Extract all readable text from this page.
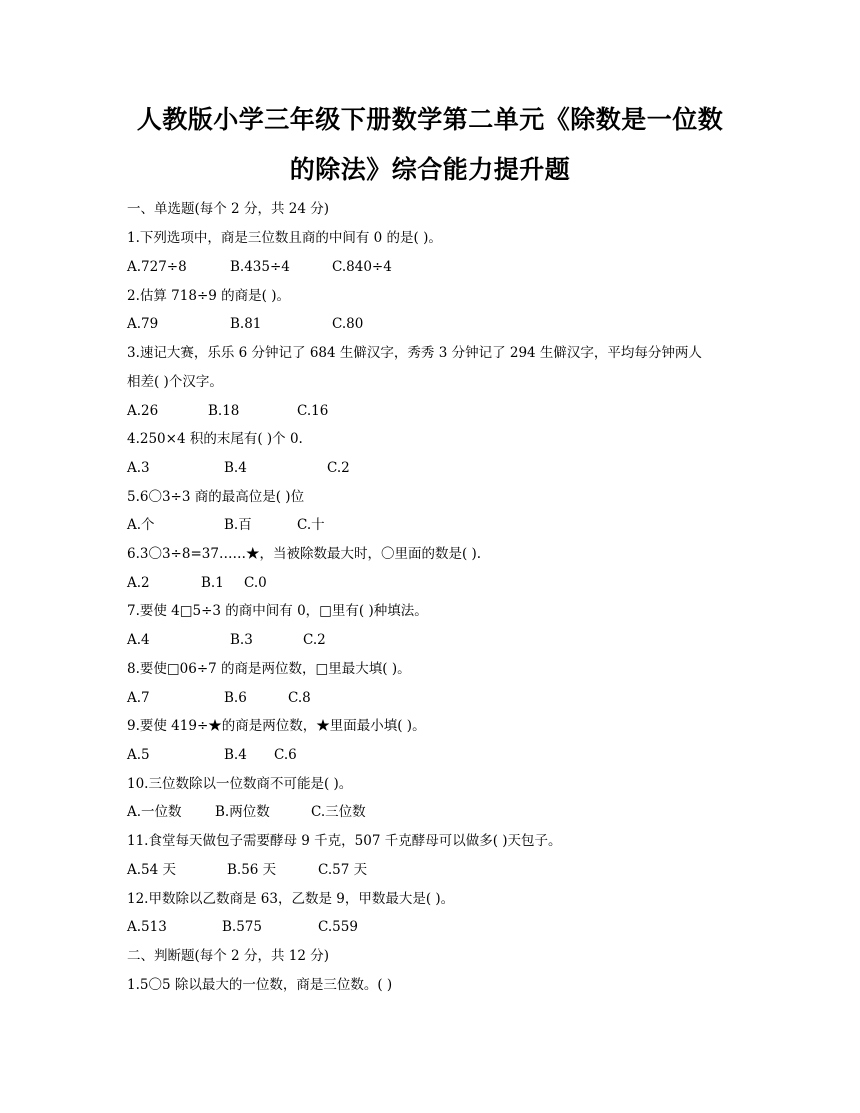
人教版小学三年级下册数学第二单元《除数是一位数
的除法》综合能力提升题
一、单选题(每个 2 分，共 24 分)
1.下列选项中，商是三位数且商的中间有 0 的是( )。
A.727÷8	B.435÷4	C.840÷4
2.估算 718÷9 的商是( )。
A.79	B.81	C.80
3.速记大赛，乐乐 6 分钟记了 684 生僻汉字，秀秀 3 分钟记了 294 生僻汉字，平均每分钟两人
相差( )个汉字。
A.26	B.18	C.16
4.250×4 积的末尾有( )个 0.
A.3	B.4	C.2
5.6〇3÷3 商的最高位是( )位
A.个	B.百	C.十
6.3〇3÷8=37……★，当被除数最大时，〇里面的数是( ).
A.2	B.1 C.0
7.要使 4□5÷3 的商中间有 0，□里有( )种填法。
A.4	B.3	C.2
8.要使□06÷7 的商是两位数，□里最大填( )。
A.7	B.6	C.8
9.要使 419÷★的商是两位数，★里面最小填( )。
A.5	B.4 C.6
10.三位数除以一位数商不可能是( )。
A.一位数 B.两位数	C.三位数
11.食堂每天做包子需要酵母 9 千克，507 千克酵母可以做多( )天包子。
A.54 天	B.56 天	C.57 天
12.甲数除以乙数商是 63，乙数是 9，甲数最大是( )。
A.513	B.575	C.559
二、判断题(每个 2 分，共 12 分)
1.5〇5 除以最大的一位数，商是三位数。( )
